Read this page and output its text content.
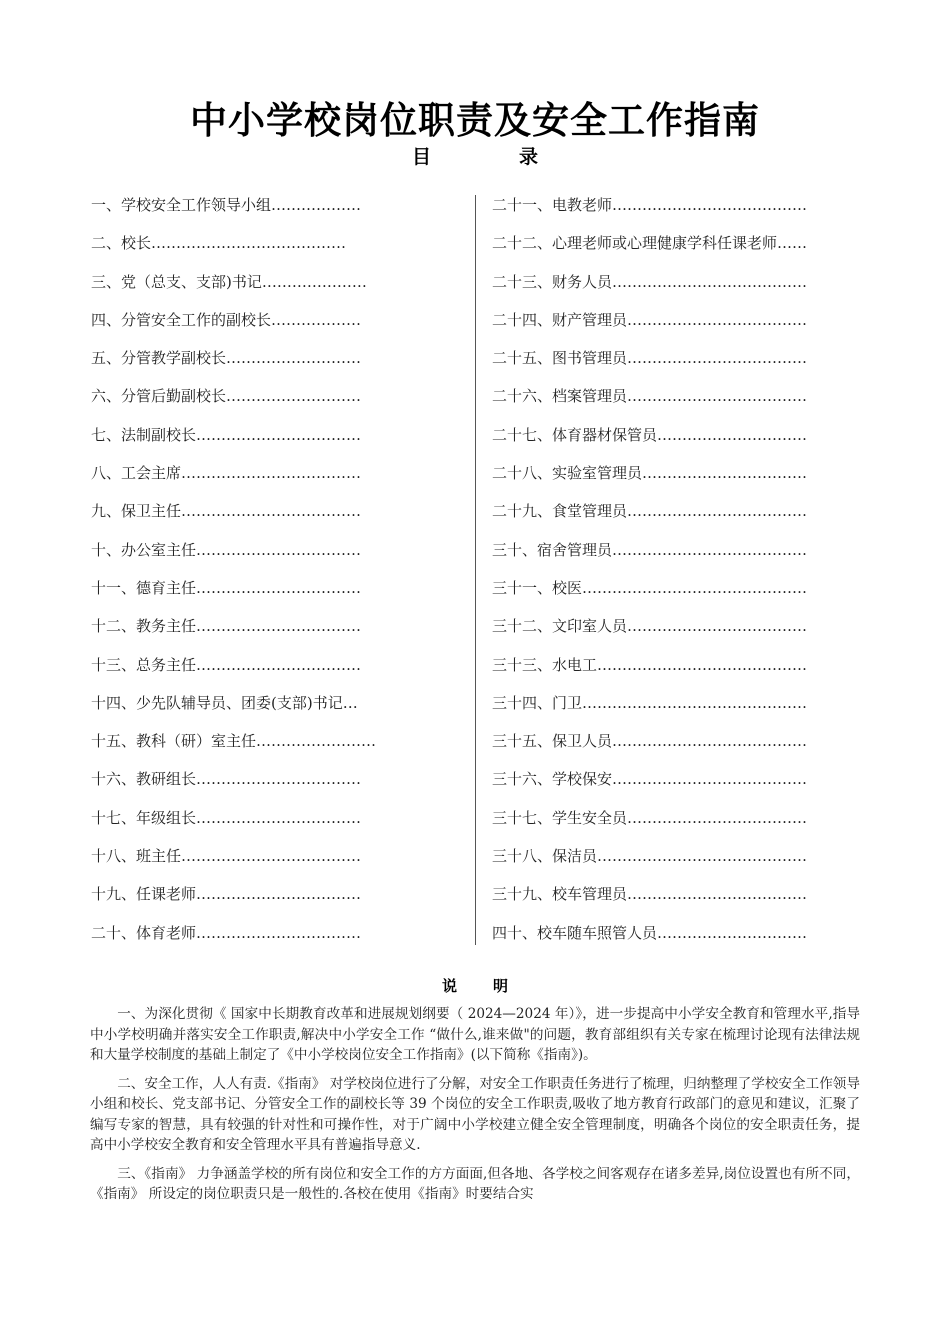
中小学校岗位职责及安全工作指南
目	录
一、学校安全工作领导小组………………
二、校长…………………………………
三、党（总支、支部)书记…………………
四、分管安全工作的副校长………………
五、分管教学副校长………………………
六、分管后勤副校长………………………
七、法制副校长……………………………
八、工会主席………………………………
九、保卫主任………………………………
十、办公室主任……………………………
十一、德育主任……………………………
十二、教务主任……………………………
十三、总务主任……………………………
十四、少先队辅导员、团委(支部)书记…
十五、教科（研）室主任……………………
十六、教研组长……………………………
十七、年级组长……………………………
十八、班主任………………………………
十九、任课老师……………………………
二十、体育老师……………………………
二十一、电教老师…………………………………
二十二、心理老师或心理健康学科任课老师……
二十三、财务人员…………………………………
二十四、财产管理员………………………………
二十五、图书管理员………………………………
二十六、档案管理员………………………………
二十七、体育器材保管员…………………………
二十八、实验室管理员……………………………
二十九、食堂管理员………………………………
三十、宿舍管理员…………………………………
三十一、校医………………………………………
三十二、文印室人员………………………………
三十三、水电工……………………………………
三十四、门卫………………………………………
三十五、保卫人员…………………………………
三十六、学校保安…………………………………
三十七、学生安全员………………………………
三十八、保洁员……………………………………
三十九、校车管理员………………………………
四十、校车随车照管人员…………………………
说 明

一、为深化贯彻《 国家中长期教育改革和进展规划纲要（ 2024—2024 年）》，进一步提高中小学安全教育和管理水平,指导中小学校明确并落实安全工作职责,解决中小学安全工作 “做什么,谁来做"的问题，教育部组织有关专家在梳理讨论现有法律法规和大量学校制度的基础上制定了《中小学校岗位安全工作指南》(以下简称《指南》)。

二、安全工作，人人有责.《指南》 对学校岗位进行了分解，对安全工作职责任务进行了梳理，归纳整理了学校安全工作领导小组和校长、党支部书记、分管安全工作的副校长等 39 个岗位的安全工作职责,吸收了地方教育行政部门的意见和建议，汇聚了编写专家的智慧，具有较强的针对性和可操作性，对于广阔中小学校建立健全安全管理制度，明确各个岗位的安全职责任务，提高中小学校安全教育和安全管理水平具有普遍指导意义.

三、《指南》 力争涵盖学校的所有岗位和安全工作的方方面面,但各地、各学校之间客观存在诸多差异,岗位设置也有所不同，《指南》 所设定的岗位职责只是一般性的.各校在使用《指南》时要结合实
